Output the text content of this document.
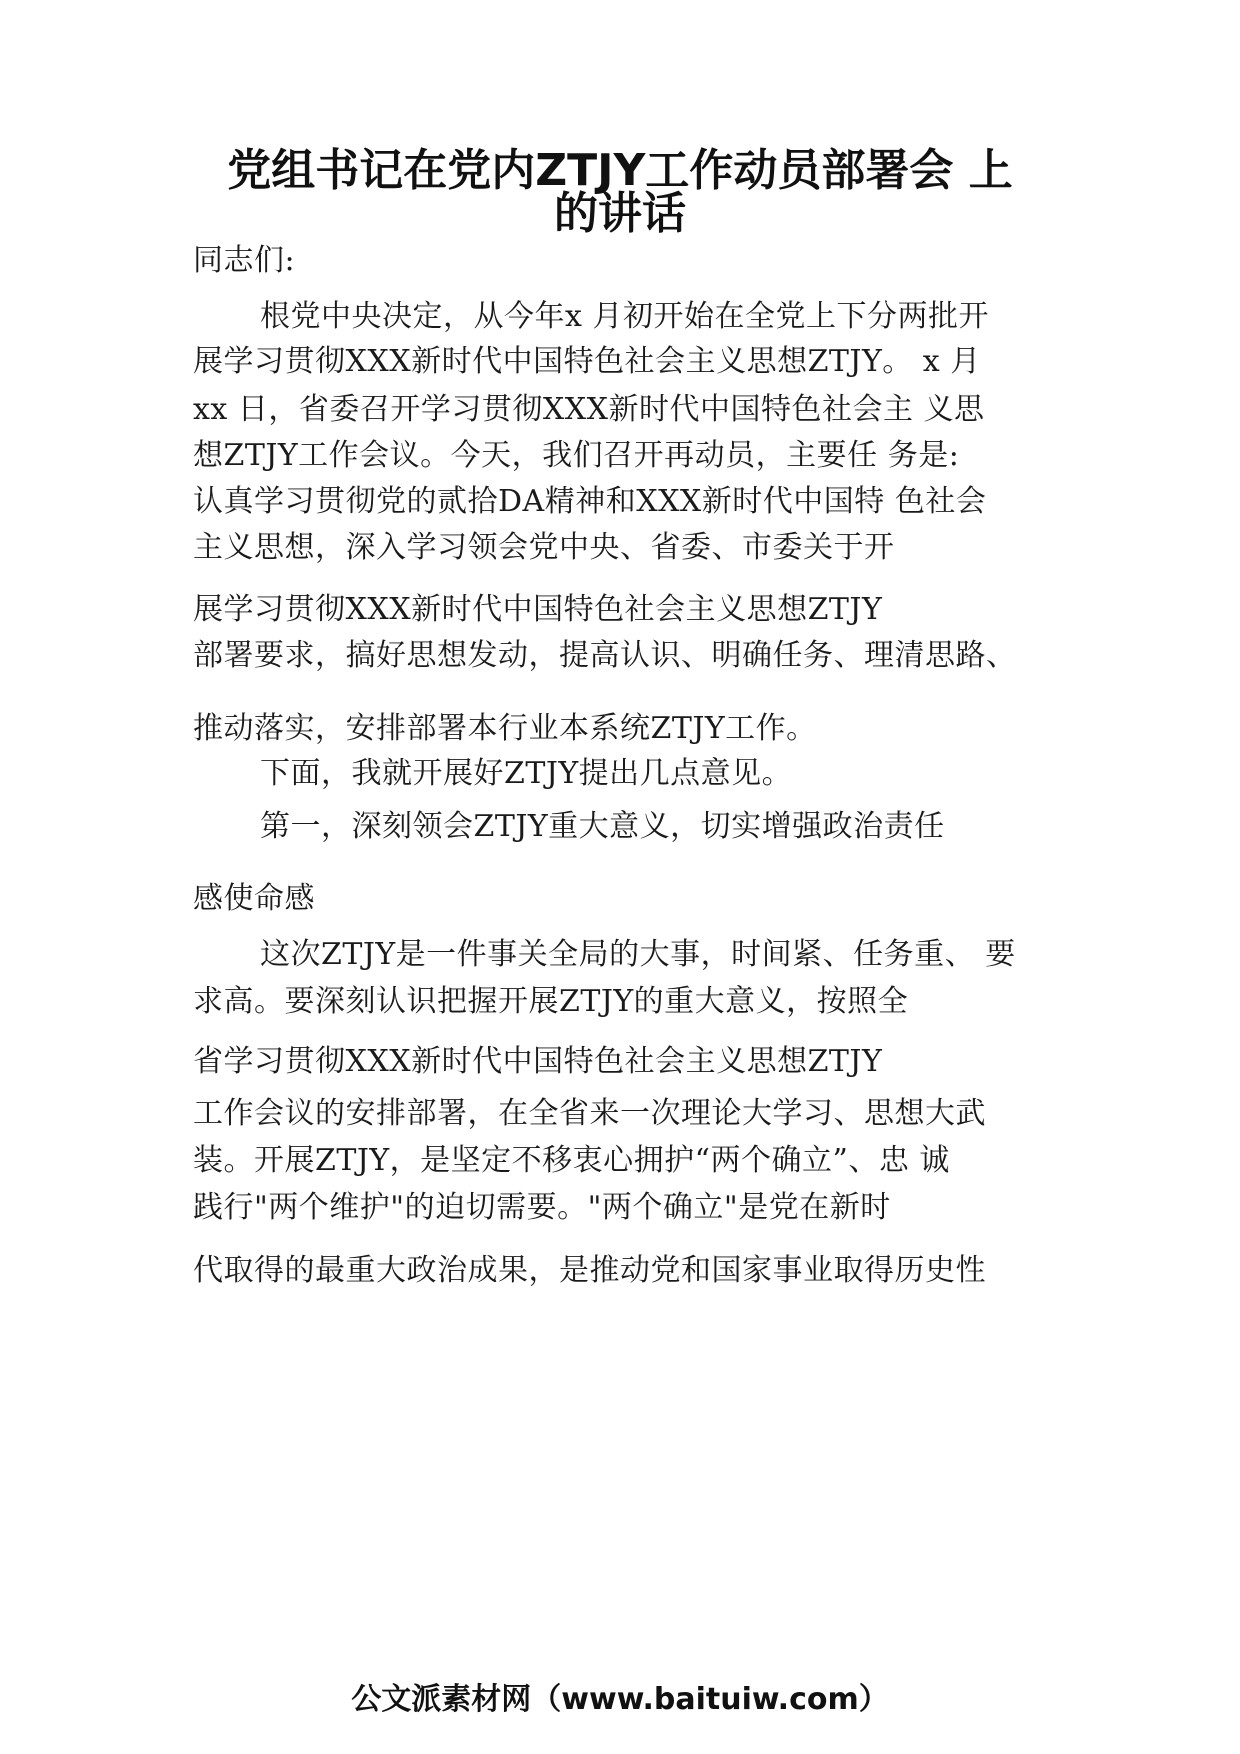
党组书记在党内ZTJY工作动员部署会 上
的讲话
同志们:
根党中央决定，从今年x 月初开始在全党上下分两批开
展学习贯彻XXX新时代中国特色社会主义思想ZTJY。 x 月
xx 日，省委召开学习贯彻XXX新时代中国特色社会主 义思
想ZTJY工作会议。今天，我们召开再动员，主要任 务是:
认真学习贯彻党的贰拾DA精神和XXX新时代中国特 色社会
主义思想，深入学习领会党中央、省委、市委关于开
展学习贯彻XXX新时代中国特色社会主义思想ZTJY
部署要求，搞好思想发动，提高认识、明确任务、理清思路、
推动落实，安排部署本行业本系统ZTJY工作。
下面，我就开展好ZTJY提出几点意见。
第一，深刻领会ZTJY重大意义，切实增强政治责任
感使命感
这次ZTJY是一件事关全局的大事，时间紧、任务重、 要
求高。要深刻认识把握开展ZTJY的重大意义，按照全
省学习贯彻XXX新时代中国特色社会主义思想ZTJY
工作会议的安排部署，在全省来一次理论大学习、思想大武
装。开展ZTJY，是坚定不移衷心拥护“两个确立”、忠 诚
践行"两个维护"的迫切需要。"两个确立"是党在新时
代取得的最重大政治成果，是推动党和国家事业取得历史性
公文派素材网（www.baituiw.com）
